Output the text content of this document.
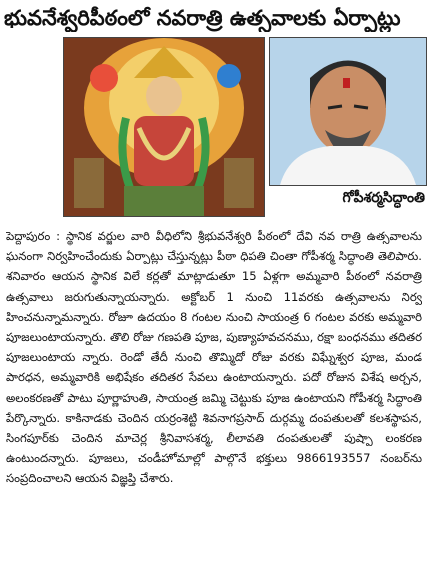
భువనేశ్వరిపీఠంలో నవరాత్రి ఉత్సవాలకు ఏర్పాట్లు
గోపీశర్మసిద్ధాంతి

పెద్దాపురం : స్థానిక వర్జుల వారి వీధిలోని శ్రీభువనేశ్వరి పీఠంలో దేవి నవ రాత్రి ఉత్సవాలను ఘనంగా నిర్వహించేందుకు ఏర్పాట్లు చేస్తున్నట్లు పీఠా ధిపతి చింతా గోపీశర్మ సిద్ధాంతి తెలిపారు. శనివారం ఆయన స్థానిక విలే కర్లతో మాట్లాడుతూ 15 ఏళ్లగా అమ్మవారి పీఠంలో నవరాత్రి ఉత్సవాలు జరుగుతున్నాయన్నారు. అక్టోబర్ 1 నుంచి 11వరకు ఉత్సవాలను నిర్వ హించనున్నామన్నారు. రోజూ ఉదయం 8 గంటల నుంచి సాయంత్ర 6 గంటల వరకు అమ్మవారి పూజలుంటాయన్నారు. తొలి రోజు గణపతి పూజ, పుణ్యాహవచనము, రక్షా బంధనము తదితర పూజలుంటాయ న్నారు. రెండో తేదీ నుంచి తొమ్మిదో రోజు వరకు విఘ్నేశ్వర పూజ, మండ పారధన, అమ్మవారికి అభిషేకం తదితర సేవలు ఉంటాయన్నారు. పదో రోజున విశేష అర్చన, అలంకరణతో పాటు పూర్ణాహుతి, సాయంత్ర జమ్మి చెట్టుకు పూజ ఉంటాయని గోపీశర్మ సిద్ధాంతి పేర్కొన్నారు. కాకినాడకు చెందిన యర్రంశెట్టి శివనాగప్రసాద్ దుర్గమ్మ దంపతులతో కలశస్థాపన, సింగపూర్‌కు చెందిన మాచెర్ల శ్రీనివాసశర్మ, లీలావతి దంపతులతో పుష్పా లంకరణ ఉంటుందన్నారు. పూజలు, చండీహోమాల్లో పాల్గొనే భక్తులు 9866193557 నంబర్‌ను సంప్రదించాలని ఆయన విజ్ఞప్తి చేశారు.
